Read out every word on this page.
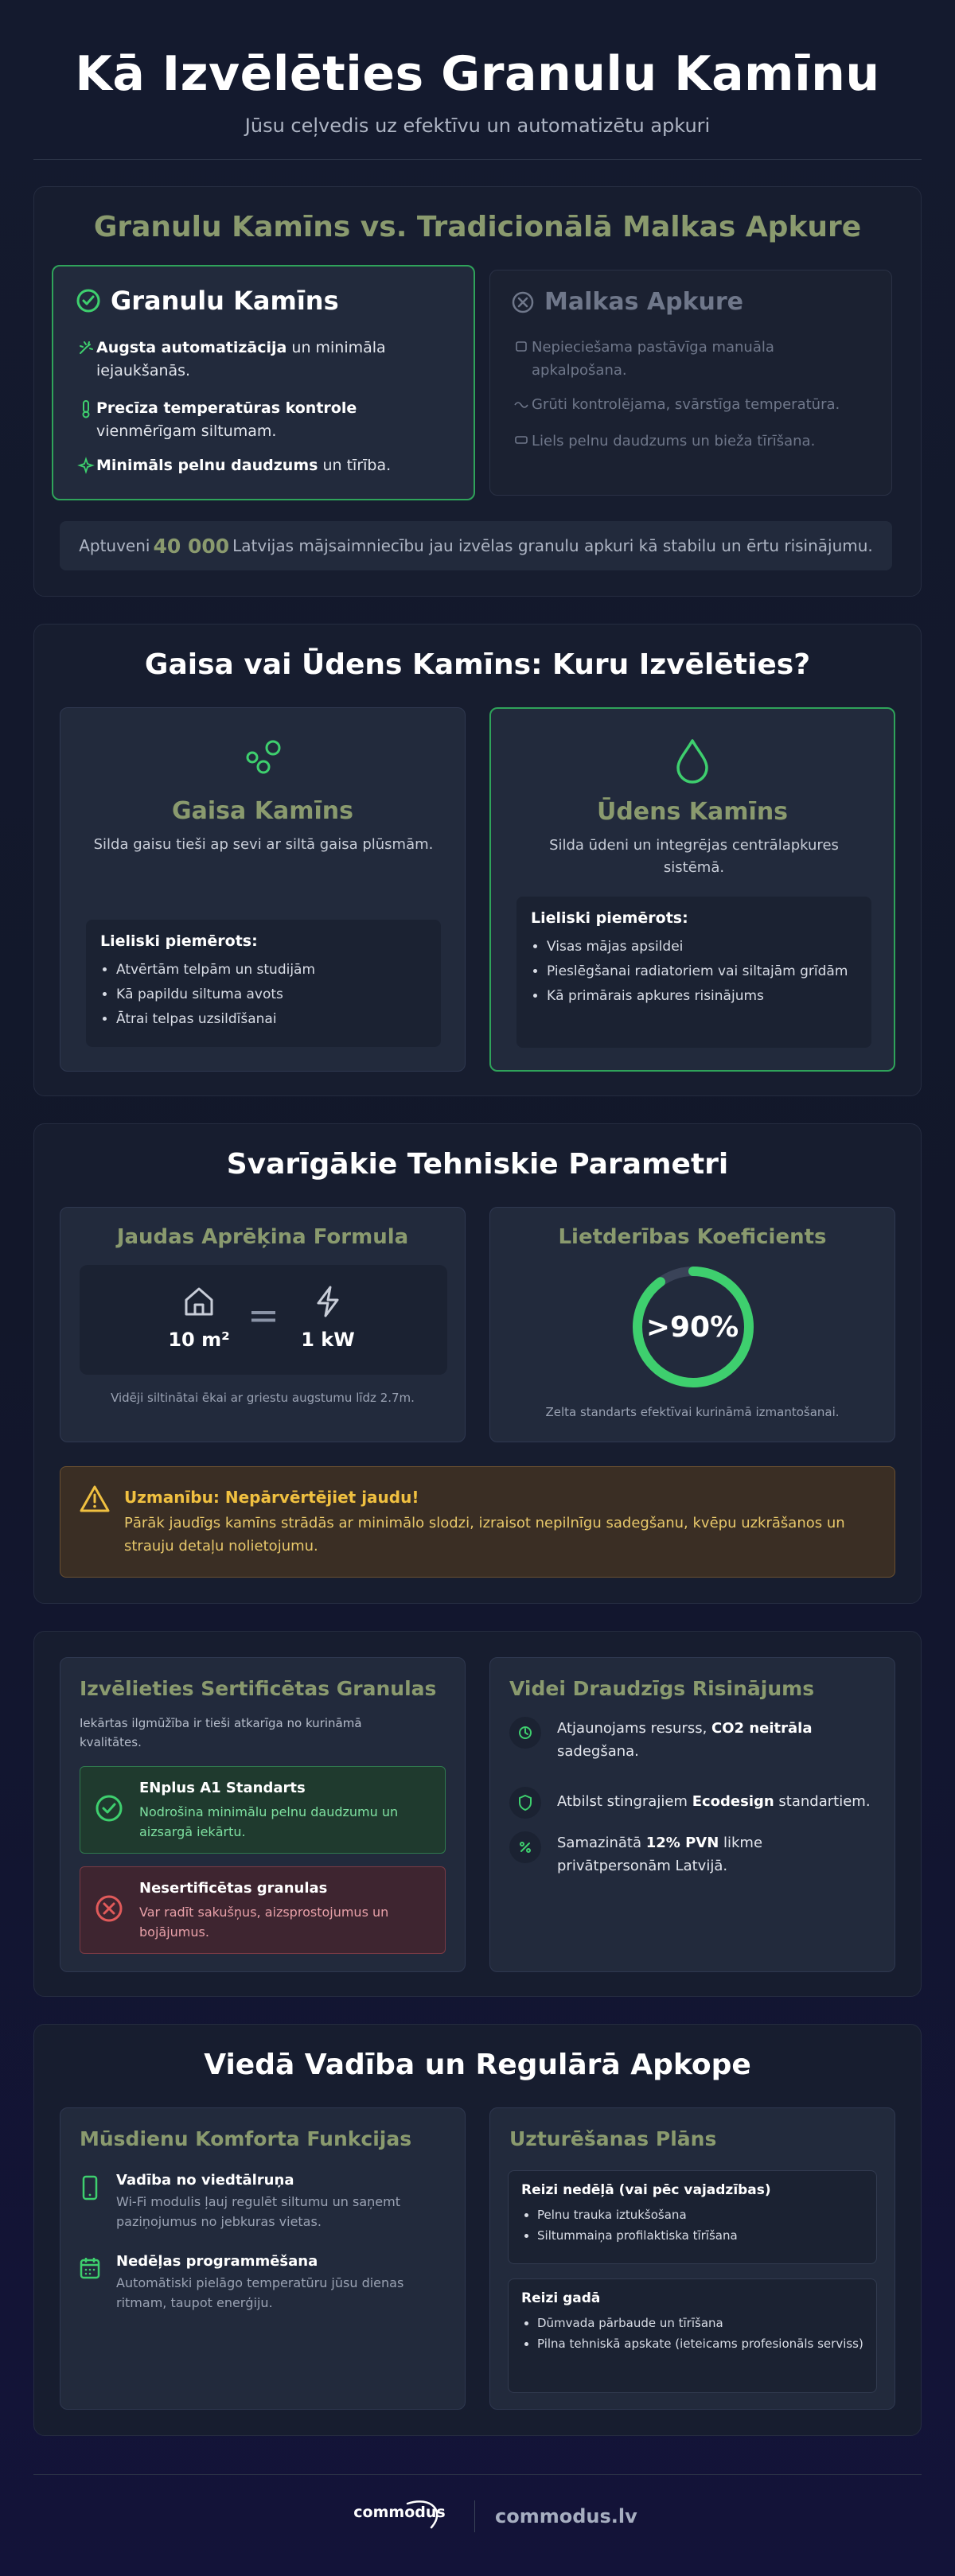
Kā Izvēlēties Granulu Kamīnu

Jūsu ceļvedis uz efektīvu un automatizētu apkuri

Granulu Kamīns vs. Tradicionālā Malkas Apkure
Granulu Kamīns
Augsta automatizācija un minimāla iejaukšanās.
Precīza temperatūras kontrole vienmērīgam siltumam.
Minimāls pelnu daudzums un tīrība.
Malkas Apkure
Nepieciešama pastāvīga manuāla apkalpošana.
Grūti kontrolējama, svārstīga temperatūra.
Liels pelnu daudzums un bieža tīrīšana.
Aptuveni 40 000 Latvijas mājsaimniecību jau izvēlas granulu apkuri kā stabilu un ērtu risinājumu.
Gaisa vai Ūdens Kamīns: Kuru Izvēlēties?
Gaisa Kamīns
Silda gaisu tieši ap sevi ar siltā gaisa plūsmām.
Lieliski piemērots:
• Atvērtām telpām un studijām
• Kā papildu siltuma avots
• Ātrai telpas uzsildīšanai
Ūdens Kamīns
Silda ūdeni un integrējas centrālapkures sistēmā.
Lieliski piemērots:
• Visas mājas apsildei
• Pieslēgšanai radiatoriem vai siltajām grīdām
• Kā primārais apkures risinājums
Svarīgākie Tehniskie Parametri
Jaudas Aprēķina Formula
10 m²
=
1 kW
Vidēji siltinātai ēkai ar griestu augstumu līdz 2.7m.
Lietderības Koeficients
>90%
Zelta standarts efektīvai kurināmā izmantošanai.
Uzmanību: Nepārvērtējiet jaudu!
Pārāk jaudīgs kamīns strādās ar minimālo slodzi, izraisot nepilnīgu sadegšanu, kvēpu uzkrāšanos un strauju detaļu nolietojumu.
Izvēlieties Sertificētas Granulas
Iekārtas ilgmūžība ir tieši atkarīga no kurināmā kvalitātes.
ENplus A1 Standarts
Nodrošina minimālu pelnu daudzumu un aizsargā iekārtu.
Nesertificētas granulas
Var radīt sakušņus, aizsprostojumus un bojājumus.
Videi Draudzīgs Risinājums
Atjaunojams resurss, CO2 neitrāla sadegšana.
Atbilst stingrajiem Ecodesign standartiem.
Samazinātā 12% PVN likme privātpersonām Latvijā.
Viedā Vadība un Regulārā Apkope
Mūsdienu Komforta Funkcijas
Vadība no viedtālruņa
Wi-Fi modulis ļauj regulēt siltumu un saņemt paziņojumus no jebkuras vietas.
Nedēļas programmēšana
Automātiski pielāgo temperatūru jūsu dienas ritmam, taupot enerģiju.
Uzturēšanas Plāns
Reizi nedēļā (vai pēc vajadzības)
• Pelnu trauka iztukšošana
• Siltummaiņa profilaktiska tīrīšana
Reizi gadā
• Dūmvada pārbaude un tīrīšana
• Pilna tehniskā apskate (ieteicams profesionāls serviss)
commodus	commodus.lv
